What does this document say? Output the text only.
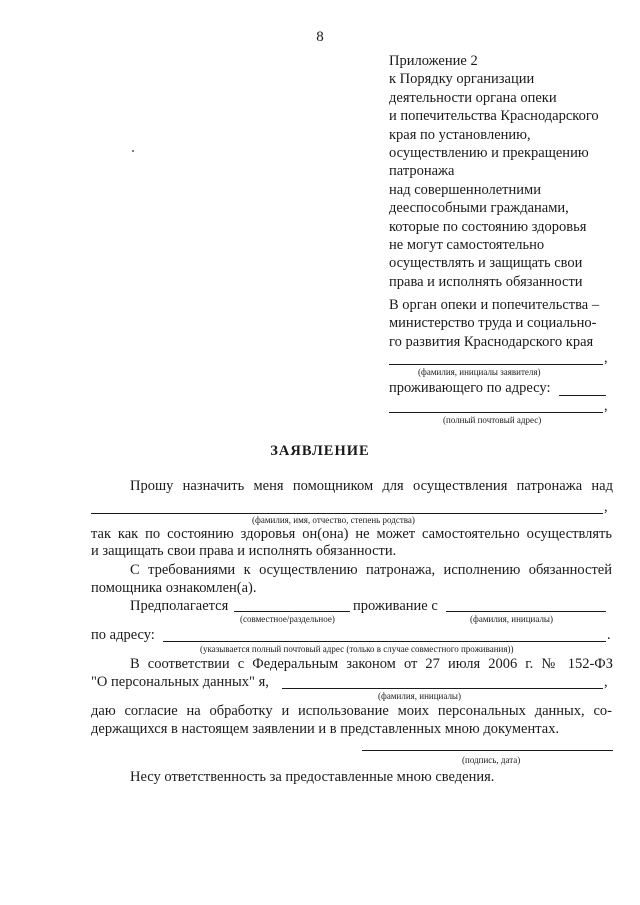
8
Приложение 2
к Порядку организации
деятельности органа опеки
и попечительства Краснодарского
края по установлению,
осуществлению и прекращению
патронажа
над совершеннолетними
дееспособными гражданами,
которые по состоянию здоровья
не могут самостоятельно
осуществлять и защищать свои
права и исполнять обязанности
В орган опеки и попечительства –
министерство труда и социально-
го развития Краснодарского края
,
(фамилия, инициалы заявителя)
проживающего по адресу:
,
(полный почтовый адрес)
ЗАЯВЛЕНИЕ
Прошу назначить меня помощником для осуществления патронажа над
,
(фамилия, имя, отчество, степень родства)
так как по состоянию здоровья он(она) не может самостоятельно осуществлять
и защищать свои права и исполнять обязанности.
С требованиями к осуществлению патронажа, исполнению обязанностей
помощника ознакомлен(а).
Предполагается	проживание с
(совместное/раздельное)	(фамилия, инициалы)
по адресу:	.
(указывается полный почтовый адрес (только в случае совместного проживания))
В соответствии с Федеральным законом от 27 июля 2006 г. № 152-ФЗ
"О персональных данных" я,	,
(фамилия, инициалы)
даю согласие на обработку и использование моих персональных данных, со-
держащихся в настоящем заявлении и в представленных мною документах.
(подпись, дата)
Несу ответственность за предоставленные мною сведения.
